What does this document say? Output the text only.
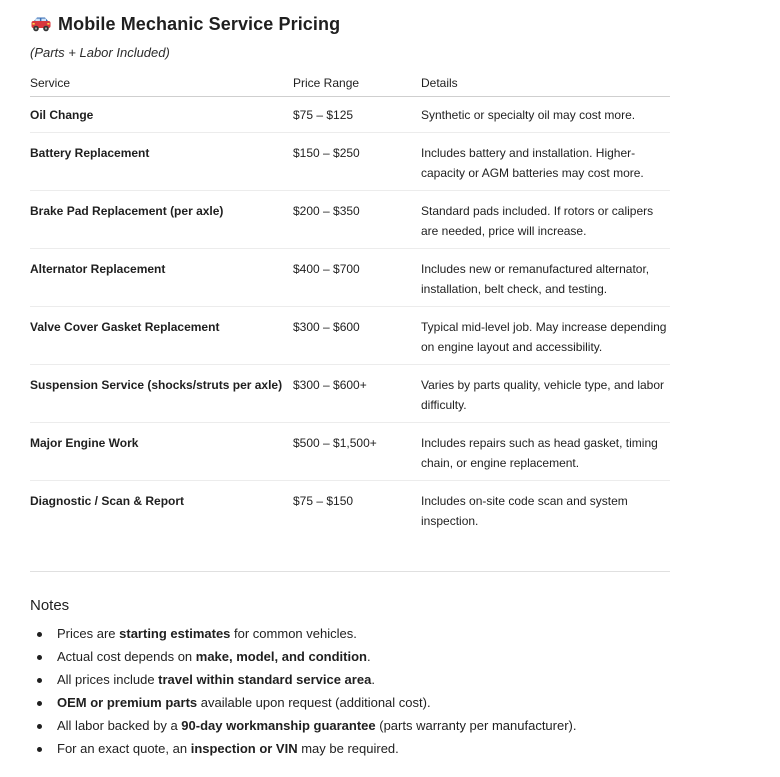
Mobile Mechanic Service Pricing
(Parts + Labor Included)
Service	Price Range	Details
Oil Change	$75 – $125	Synthetic or specialty oil may cost more.
Battery Replacement	$150 – $250	Includes battery and installation. Higher-capacity or AGM batteries may cost more.
Brake Pad Replacement (per axle)	$200 – $350	Standard pads included. If rotors or calipers are needed, price will increase.
Alternator Replacement	$400 – $700	Includes new or remanufactured alternator, installation, belt check, and testing.
Valve Cover Gasket Replacement	$300 – $600	Typical mid-level job. May increase depending on engine layout and accessibility.
Suspension Service (shocks/struts per axle)	$300 – $600+	Varies by parts quality, vehicle type, and labor difficulty.
Major Engine Work	$500 – $1,500+	Includes repairs such as head gasket, timing chain, or engine replacement.
Diagnostic / Scan & Report	$75 – $150	Includes on-site code scan and system inspection.
Notes
Prices are starting estimates for common vehicles.
Actual cost depends on make, model, and condition.
All prices include travel within standard service area.
OEM or premium parts available upon request (additional cost).
All labor backed by a 90-day workmanship guarantee (parts warranty per manufacturer).
For an exact quote, an inspection or VIN may be required.
